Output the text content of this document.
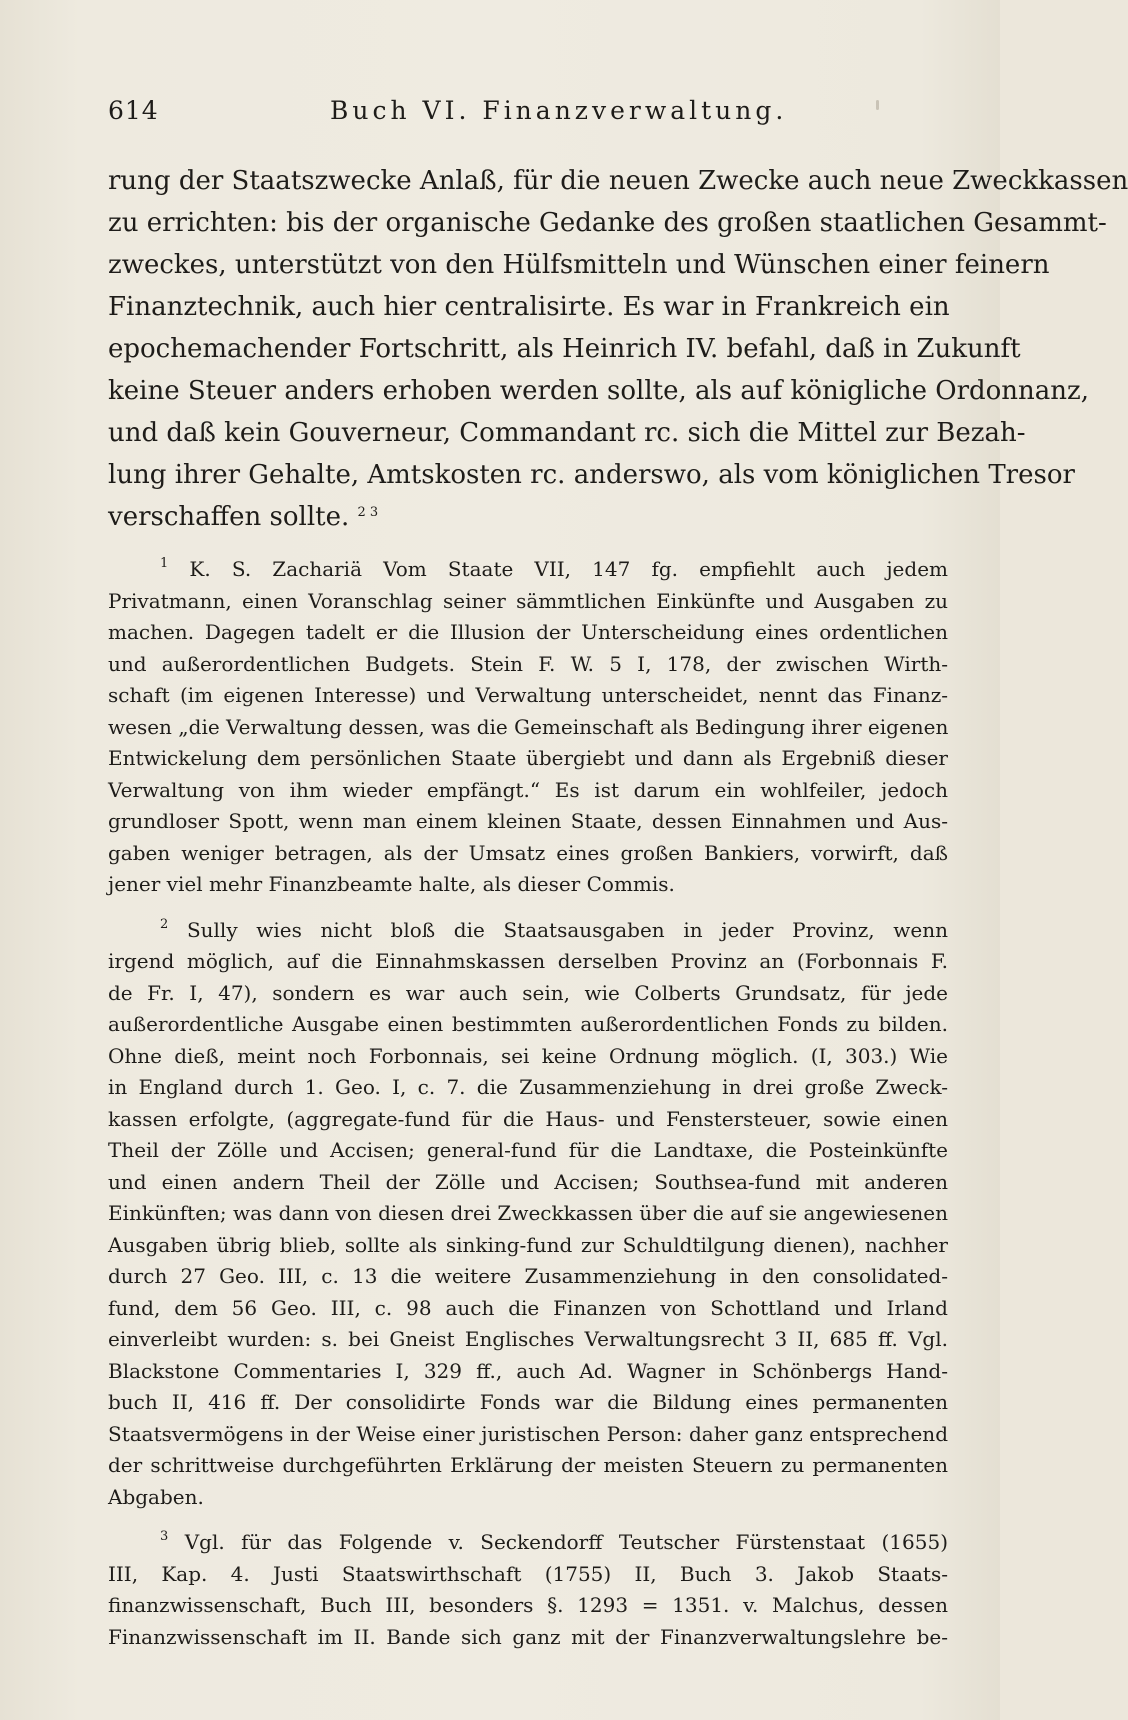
614	Buch VI. Finanzverwaltung.
rung der Staatszwecke Anlaß, für die neuen Zwecke auch neue Zweckkassen
zu errichten: bis der organische Gedanke des großen staatlichen Gesammt-
zweckes, unterstützt von den Hülfsmitteln und Wünschen einer feinern
Finanztechnik, auch hier centralisirte. Es war in Frankreich ein
epochemachender Fortschritt, als Heinrich IV. befahl, daß in Zukunft
keine Steuer anders erhoben werden sollte, als auf königliche Ordonnanz,
und daß kein Gouverneur, Commandant rc. sich die Mittel zur Bezah-
lung ihrer Gehalte, Amtskosten rc. anderswo, als vom königlichen Tresor
verschaffen sollte. $^{2 3}$
$^1$ K. S. Zachariä Vom Staate VII, 147 fg. empfiehlt auch jedem
Privatmann, einen Voranschlag seiner sämmtlichen Einkünfte und Ausgaben zu
machen. Dagegen tadelt er die Illusion der Unterscheidung eines ordentlichen
und außerordentlichen Budgets. Stein F. W. 5 I, 178, der zwischen Wirth-
schaft (im eigenen Interesse) und Verwaltung unterscheidet, nennt das Finanz-
wesen „die Verwaltung dessen, was die Gemeinschaft als Bedingung ihrer eigenen
Entwickelung dem persönlichen Staate übergiebt und dann als Ergebniß dieser
Verwaltung von ihm wieder empfängt.“ Es ist darum ein wohlfeiler, jedoch
grundloser Spott, wenn man einem kleinen Staate, dessen Einnahmen und Aus-
gaben weniger betragen, als der Umsatz eines großen Bankiers, vorwirft, daß
jener viel mehr Finanzbeamte halte, als dieser Commis.
$^2$ Sully wies nicht bloß die Staatsausgaben in jeder Provinz, wenn
irgend möglich, auf die Einnahmskassen derselben Provinz an (Forbonnais F.
de Fr. I, 47), sondern es war auch sein, wie Colberts Grundsatz, für jede
außerordentliche Ausgabe einen bestimmten außerordentlichen Fonds zu bilden.
Ohne dieß, meint noch Forbonnais, sei keine Ordnung möglich. (I, 303.) Wie
in England durch 1. Geo. I, c. 7. die Zusammenziehung in drei große Zweck-
kassen erfolgte, (aggregate-fund für die Haus- und Fenstersteuer, sowie einen
Theil der Zölle und Accisen; general-fund für die Landtaxe, die Posteinkünfte
und einen andern Theil der Zölle und Accisen; Southsea-fund mit anderen
Einkünften; was dann von diesen drei Zweckkassen über die auf sie angewiesenen
Ausgaben übrig blieb, sollte als sinking-fund zur Schuldtilgung dienen), nachher
durch 27 Geo. III, c. 13 die weitere Zusammenziehung in den consolidated-
fund, dem 56 Geo. III, c. 98 auch die Finanzen von Schottland und Irland
einverleibt wurden: s. bei Gneist Englisches Verwaltungsrecht 3 II, 685 ff. Vgl.
Blackstone Commentaries I, 329 ff., auch Ad. Wagner in Schönbergs Hand-
buch II, 416 ff. Der consolidirte Fonds war die Bildung eines permanenten
Staatsvermögens in der Weise einer juristischen Person: daher ganz entsprechend
der schrittweise durchgeführten Erklärung der meisten Steuern zu permanenten
Abgaben.
$^3$ Vgl. für das Folgende v. Seckendorff Teutscher Fürstenstaat (1655)
III, Kap. 4. Justi Staatswirthschaft (1755) II, Buch 3. Jakob Staats-
finanzwissenschaft, Buch III, besonders §. 1293 = 1351. v. Malchus, dessen
Finanzwissenschaft im II. Bande sich ganz mit der Finanzverwaltungslehre be-
